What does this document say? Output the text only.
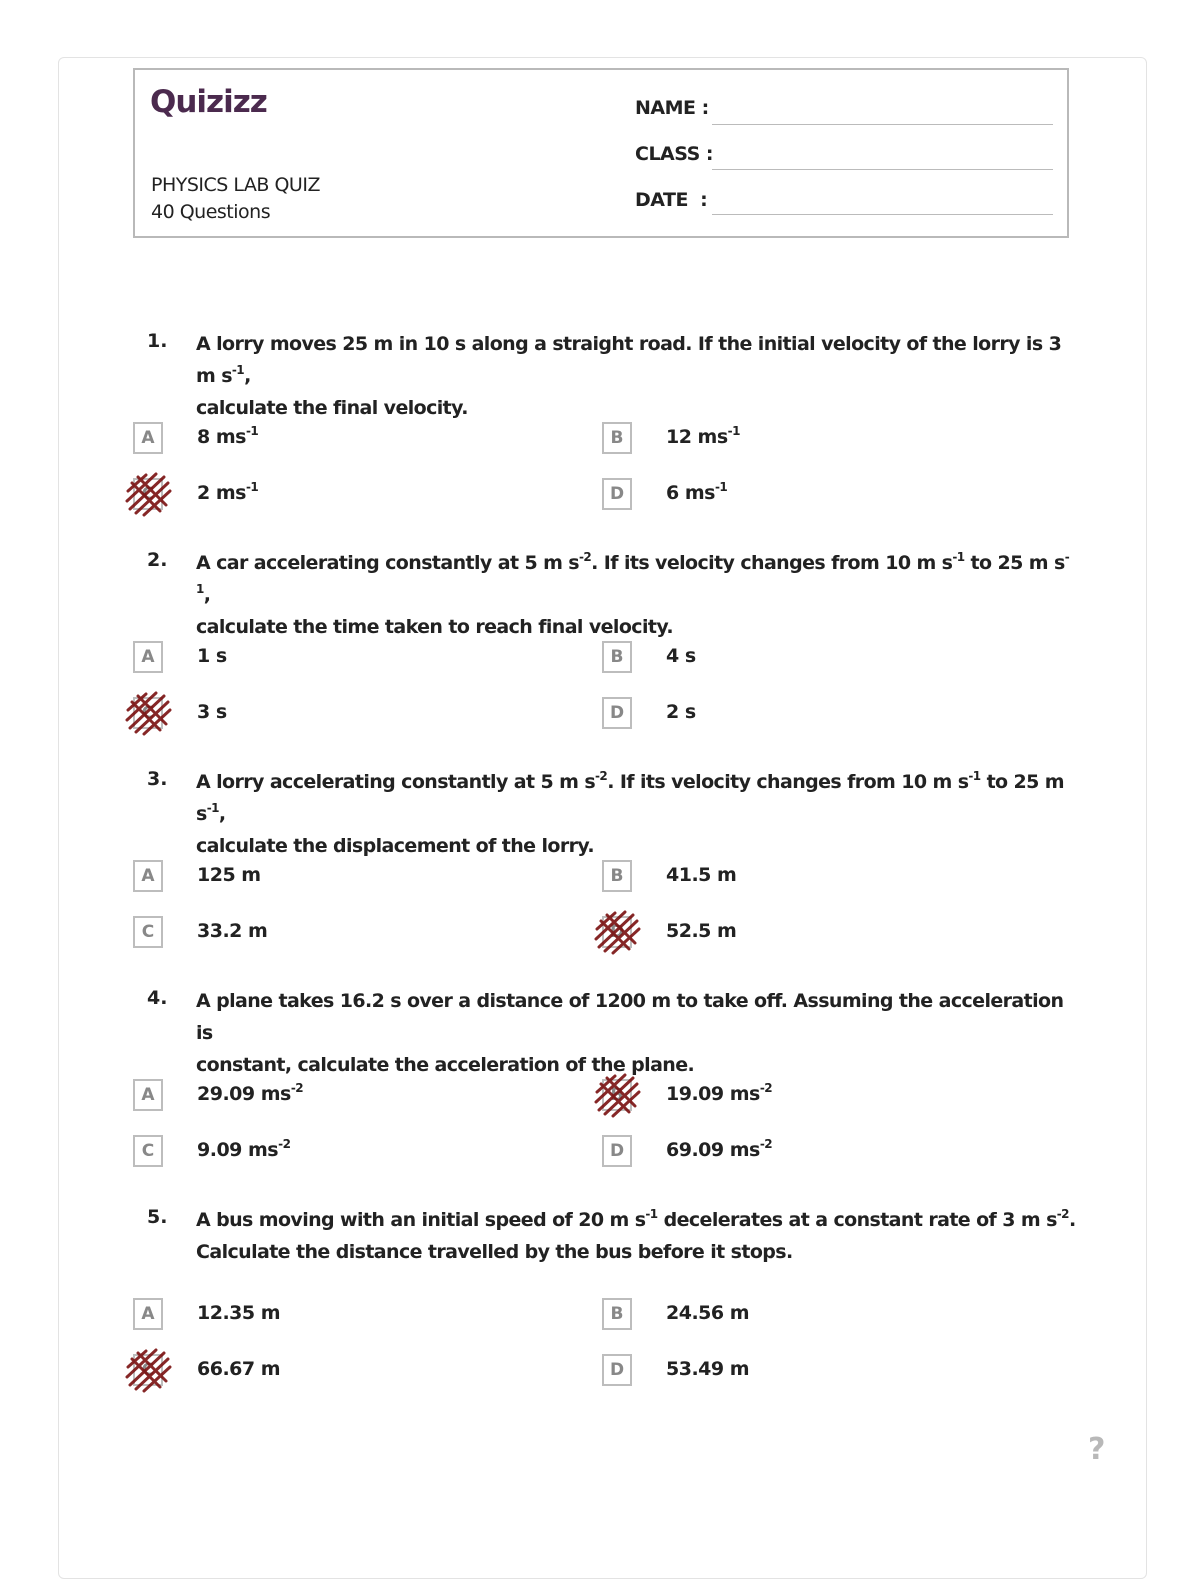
Quizizz
PHYSICS LAB QUIZ
40 Questions
NAME :
CLASS :
DATE  :
1. A lorry moves 25 m in 10 s along a straight road. If the initial velocity of the lorry is 3 m $s^{-1}$,
calculate the final velocity.
A	8 $ms^{-1}$	B	12 $ms^{-1}$
C	2 $ms^{-1}$	D	6 $ms^{-1}$
2. A car accelerating constantly at 5 m $s^{-2}$. If its velocity changes from 10 m $s^{-1}$ to 25 m $s^{-1}$,
calculate the time taken to reach final velocity.
A	1 s	B	4 s
C	3 s	D	2 s
3. A lorry accelerating constantly at 5 m $s^{-2}$. If its velocity changes from 10 m $s^{-1}$ to 25 m $s^{-1}$,
calculate the displacement of the lorry.
A	125 m	B	41.5 m
C	33.2 m	D	52.5 m
4. A plane takes 16.2 s over a distance of 1200 m to take off. Assuming the acceleration is
constant, calculate the acceleration of the plane.
A	29.09 $ms^{-2}$	B	19.09 $ms^{-2}$
C	9.09 $ms^{-2}$	D	69.09 $ms^{-2}$
5. A bus moving with an initial speed of 20 m $s^{-1}$ decelerates at a constant rate of 3 m $s^{-2}$.
Calculate the distance travelled by the bus before it stops.
A	12.35 m	B	24.56 m
C	66.67 m	D	53.49 m
?
